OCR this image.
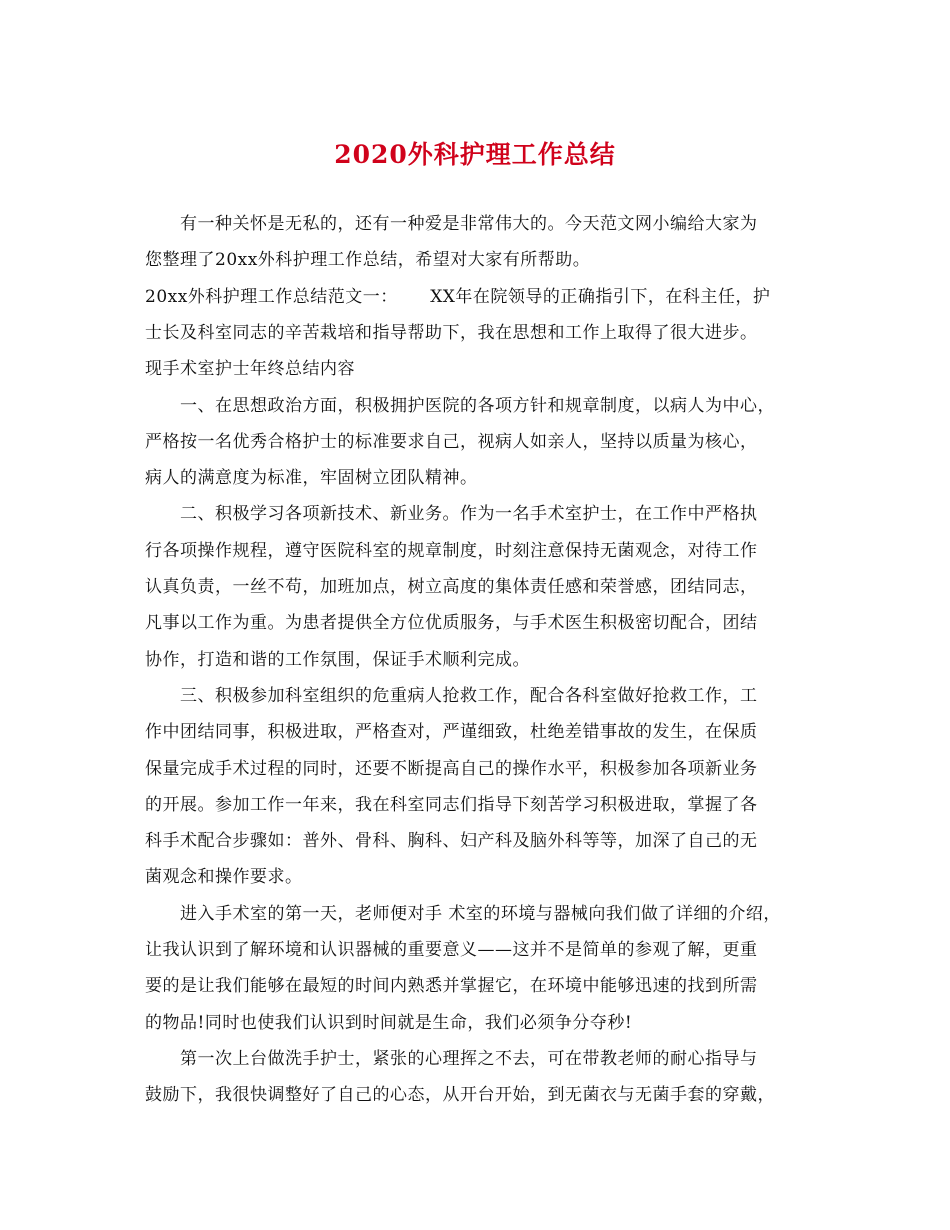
2020外科护理工作总结
　　有一种关怀是无私的，还有一种爱是非常伟大的。今天范文网小编给大家为
您整理了20xx外科护理工作总结，希望对大家有所帮助。
20xx外科护理工作总结范文一：　　 XX年在院领导的正确指引下，在科主任，护
士长及科室同志的辛苦栽培和指导帮助下，我在思想和工作上取得了很大进步。
现手术室护士年终总结内容
　　一、在思想政治方面，积极拥护医院的各项方针和规章制度，以病人为中心，
严格按一名优秀合格护士的标准要求自己，视病人如亲人，坚持以质量为核心，
病人的满意度为标准，牢固树立团队精神。
　　二、积极学习各项新技术、新业务。作为一名手术室护士，在工作中严格执
行各项操作规程，遵守医院科室的规章制度，时刻注意保持无菌观念，对待工作
认真负责，一丝不苟，加班加点，树立高度的集体责任感和荣誉感，团结同志，
凡事以工作为重。为患者提供全方位优质服务，与手术医生积极密切配合，团结
协作，打造和谐的工作氛围，保证手术顺利完成。
　　三、积极参加科室组织的危重病人抢救工作，配合各科室做好抢救工作，工
作中团结同事，积极进取，严格查对，严谨细致，杜绝差错事故的发生，在保质
保量完成手术过程的同时，还要不断提高自己的操作水平，积极参加各项新业务
的开展。参加工作一年来，我在科室同志们指导下刻苦学习积极进取，掌握了各
科手术配合步骤如：普外、骨科、胸科、妇产科及脑外科等等，加深了自己的无
菌观念和操作要求。
　　进入手术室的第一天，老师便对手 术室的环境与器械向我们做了详细的介绍，
让我认识到了解环境和认识器械的重要意义——这并不是简单的参观了解，更重
要的是让我们能够在最短的时间内熟悉并掌握它，在环境中能够迅速的找到所需
的物品!同时也使我们认识到时间就是生命，我们必须争分夺秒!
　　第一次上台做洗手护士，紧张的心理挥之不去，可在带教老师的耐心指导与
鼓励下，我很快调整好了自己的心态，从开台开始，到无菌衣与无菌手套的穿戴，
